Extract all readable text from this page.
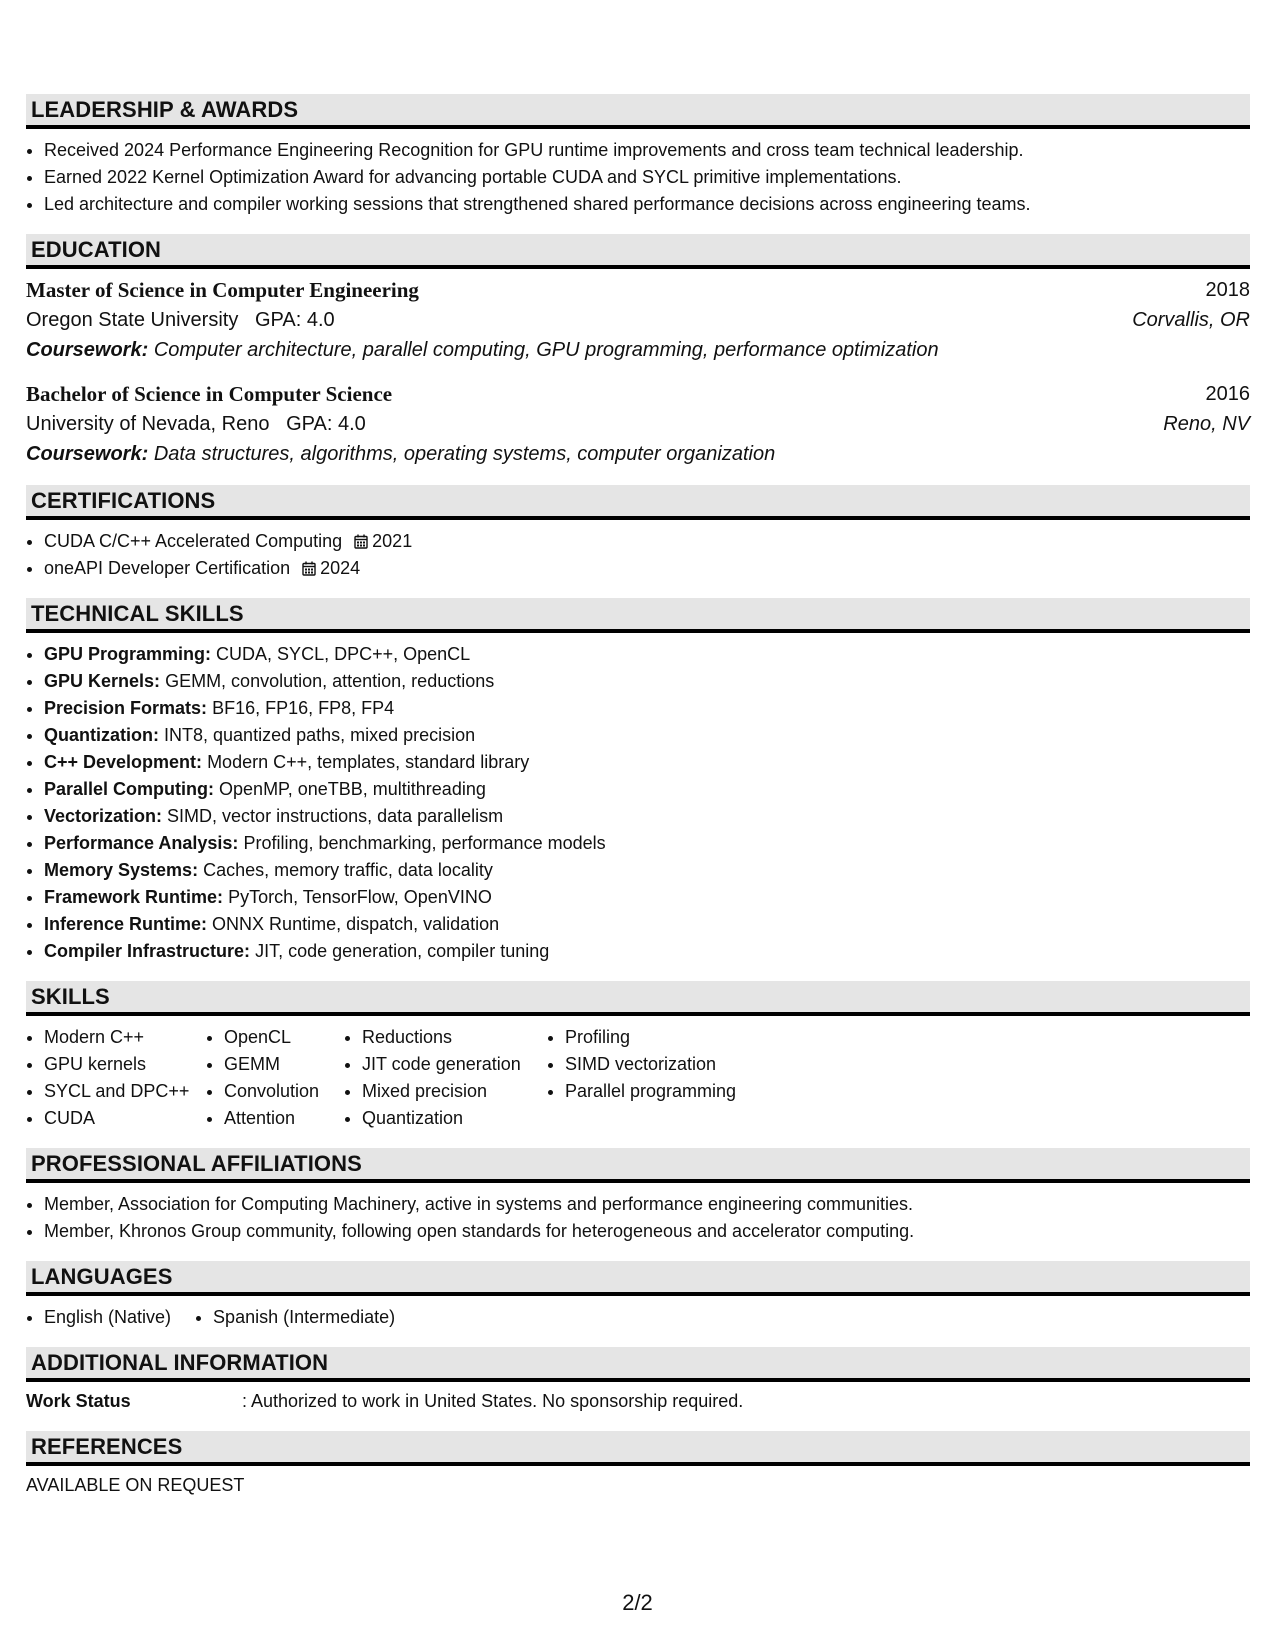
LEADERSHIP & AWARDS
• Received 2024 Performance Engineering Recognition for GPU runtime improvements and cross team technical leadership.
• Earned 2022 Kernel Optimization Award for advancing portable CUDA and SYCL primitive implementations.
• Led architecture and compiler working sessions that strengthened shared performance decisions across engineering teams.
EDUCATION
Master of Science in Computer Engineering	2018
Oregon State University GPA: 4.0	Corvallis, OR
Coursework: Computer architecture, parallel computing, GPU programming, performance optimization
Bachelor of Science in Computer Science	2016
University of Nevada, Reno GPA: 4.0	Reno, NV
Coursework: Data structures, algorithms, operating systems, computer organization
CERTIFICATIONS
• CUDA C/C++ Accelerated Computing 2021
• oneAPI Developer Certification 2024
TECHNICAL SKILLS
• GPU Programming: CUDA, SYCL, DPC++, OpenCL
• GPU Kernels: GEMM, convolution, attention, reductions
• Precision Formats: BF16, FP16, FP8, FP4
• Quantization: INT8, quantized paths, mixed precision
• C++ Development: Modern C++, templates, standard library
• Parallel Computing: OpenMP, oneTBB, multithreading
• Vectorization: SIMD, vector instructions, data parallelism
• Performance Analysis: Profiling, benchmarking, performance models
• Memory Systems: Caches, memory traffic, data locality
• Framework Runtime: PyTorch, TensorFlow, OpenVINO
• Inference Runtime: ONNX Runtime, dispatch, validation
• Compiler Infrastructure: JIT, code generation, compiler tuning
SKILLS
• Modern C++
• GPU kernels
• SYCL and DPC++
• CUDA
• OpenCL
• GEMM
• Convolution
• Attention
• Reductions
• JIT code generation
• Mixed precision
• Quantization
• Profiling
• SIMD vectorization
• Parallel programming
PROFESSIONAL AFFILIATIONS
• Member, Association for Computing Machinery, active in systems and performance engineering communities.
• Member, Khronos Group community, following open standards for heterogeneous and accelerator computing.
LANGUAGES
• English (Native)
• Spanish (Intermediate)
ADDITIONAL INFORMATION
Work Status	: Authorized to work in United States. No sponsorship required.
REFERENCES
AVAILABLE ON REQUEST
2/2
